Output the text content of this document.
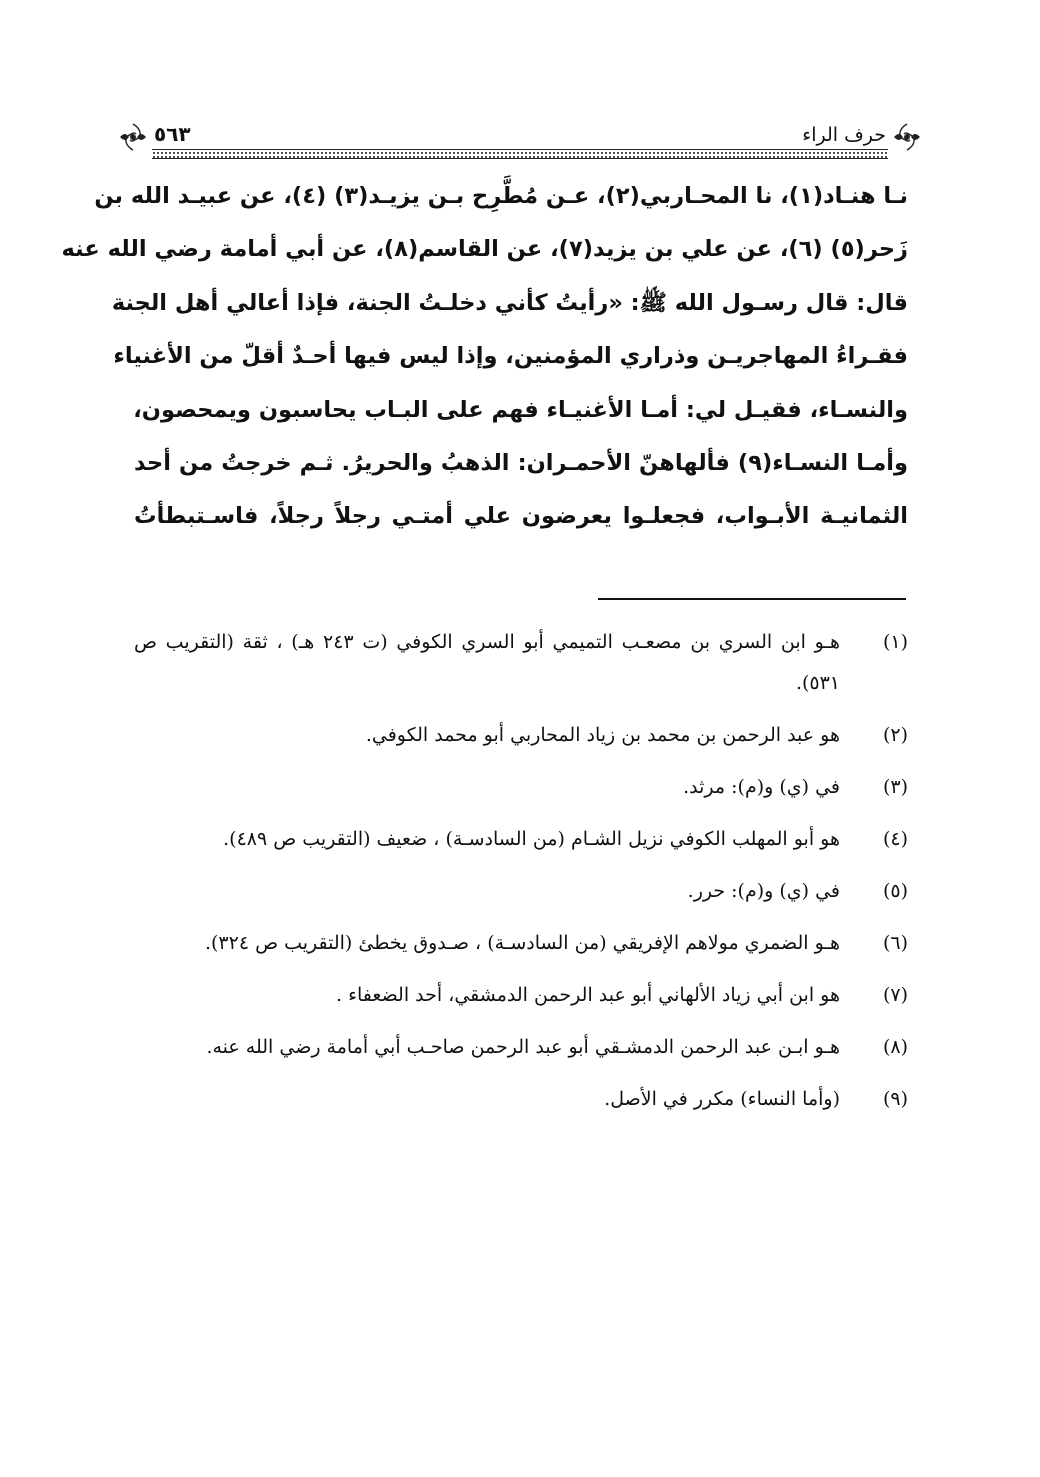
حرف الراء
٥٦٣

نـا هنـاد(١)، نا المحـاربي(٢)، عـن مُطَّرِح بـن يزيـد(٣) (٤)، عن عبيـد الله بن
زَحر(٥) (٦)، عن علي بن يزيد(٧)، عن القاسم(٨)، عن أبي أمامة رضي الله عنه
قال: قال رسـول الله ﷺ: «رأيتُ كأني دخلـتُ الجنة، فإذا أعالي أهل الجنة
فقـراءُ المهاجريـن وذراري المؤمنين، وإذا ليس فيها أحـدٌ أقلّ من الأغنياء
والنسـاء، فقيـل لي: أمـا الأغنيـاء فهم على البـاب يحاسبون ويمحصون،
وأمـا النسـاء(٩) فألهاهنّ الأحمـران: الذهبُ والحريرُ. ثـم خرجتُ من أحد
الثمانيـة الأبـواب، فجعلـوا يعرضون علي أمتـي رجلاً رجلاً، فاسـتبطأتُ

(١)
هـو ابن السري بن مصعـب التميمي أبو السري الكوفي (ت ٢٤٣ هـ) ، ثقة (التقريب ص ٥٣١).
(٢)
هو عبد الرحمن بن محمد بن زياد المحاربي أبو محمد الكوفي.
(٣)
في (ي) و(م): مرثد.
(٤)
هو أبو المهلب الكوفي نزيل الشـام (من السادسـة) ، ضعيف (التقريب ص ٤٨٩).
(٥)
في (ي) و(م): حرر.
(٦)
هـو الضمري مولاهم الإفريقي (من السادسـة) ، صـدوق يخطئ (التقريب ص ٣٢٤).
(٧)
هو ابن أبي زياد الألهاني أبو عبد الرحمن الدمشقي، أحد الضعفاء .
(٨)
هـو ابـن عبد الرحمن الدمشـقي أبو عبد الرحمن صاحـب أبي أمامة رضي الله عنه.
(٩)
(وأما النساء) مكرر في الأصل.
